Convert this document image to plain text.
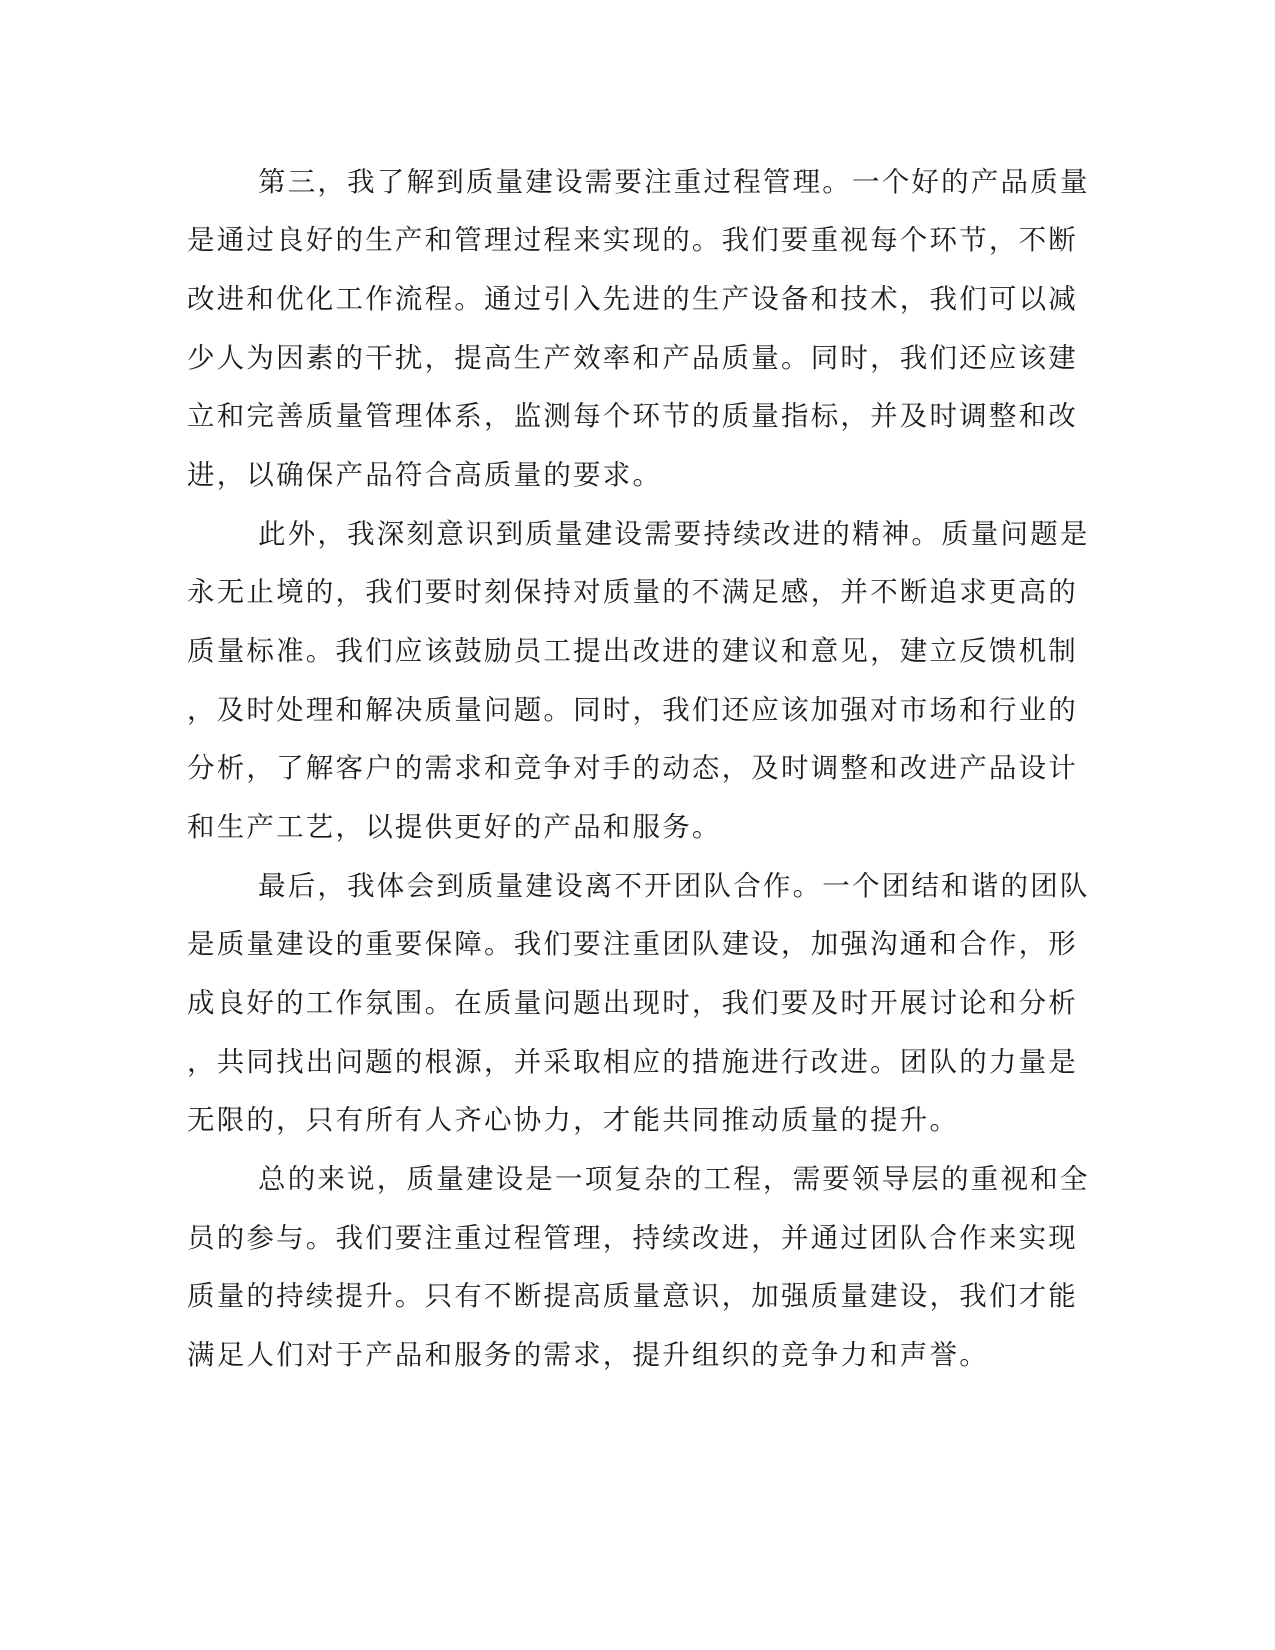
第三，我了解到质量建设需要注重过程管理。一个好的产品质量

是通过良好的生产和管理过程来实现的。我们要重视每个环节，不断

改进和优化工作流程。通过引入先进的生产设备和技术，我们可以减

少人为因素的干扰，提高生产效率和产品质量。同时，我们还应该建

立和完善质量管理体系，监测每个环节的质量指标，并及时调整和改

进，以确保产品符合高质量的要求。

此外，我深刻意识到质量建设需要持续改进的精神。质量问题是

永无止境的，我们要时刻保持对质量的不满足感，并不断追求更高的

质量标准。我们应该鼓励员工提出改进的建议和意见，建立反馈机制

，及时处理和解决质量问题。同时，我们还应该加强对市场和行业的

分析，了解客户的需求和竞争对手的动态，及时调整和改进产品设计

和生产工艺，以提供更好的产品和服务。

最后，我体会到质量建设离不开团队合作。一个团结和谐的团队

是质量建设的重要保障。我们要注重团队建设，加强沟通和合作，形

成良好的工作氛围。在质量问题出现时，我们要及时开展讨论和分析

，共同找出问题的根源，并采取相应的措施进行改进。团队的力量是

无限的，只有所有人齐心协力，才能共同推动质量的提升。

总的来说，质量建设是一项复杂的工程，需要领导层的重视和全

员的参与。我们要注重过程管理，持续改进，并通过团队合作来实现

质量的持续提升。只有不断提高质量意识，加强质量建设，我们才能

满足人们对于产品和服务的需求，提升组织的竞争力和声誉。
